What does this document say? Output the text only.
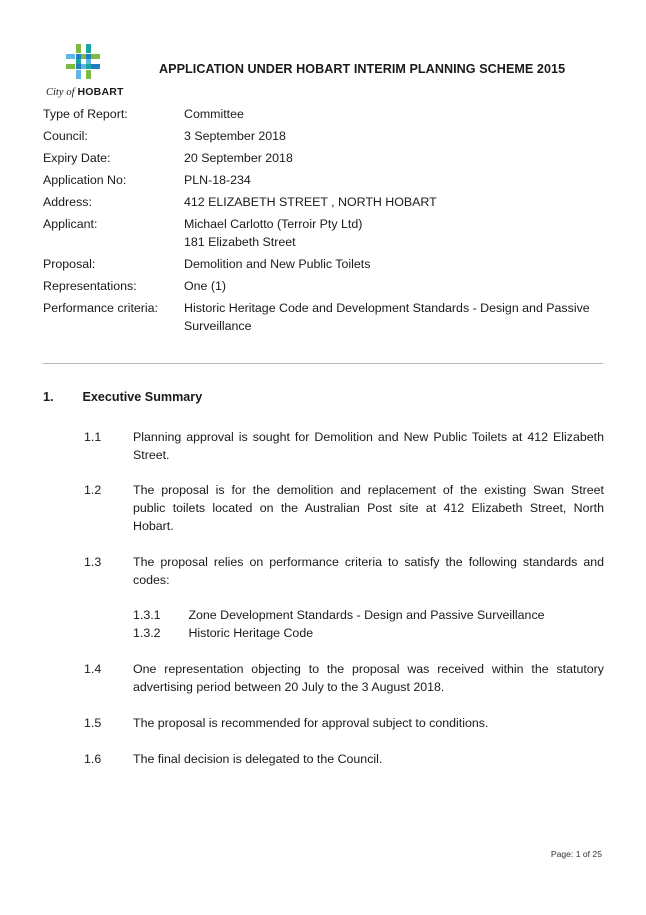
City of HOBART
APPLICATION UNDER HOBART INTERIM PLANNING SCHEME 2015
Type of Report:	Committee
Council:	3 September 2018
Expiry Date:	20 September 2018
Application No:	PLN-18-234
Address:	412 ELIZABETH STREET , NORTH HOBART
Applicant:	Michael Carlotto (Terroir Pty Ltd)
181 Elizabeth Street
Proposal:	Demolition and New Public Toilets
Representations:	One (1)
Performance criteria:	Historic Heritage Code and Development Standards - Design and Passive
Surveillance
1. Executive Summary
1.1	Planning approval is sought for Demolition and New Public Toilets at 412 Elizabeth
Street.
1.2	The proposal is for the demolition and replacement of the existing Swan Street
public toilets located on the Australian Post site at 412 Elizabeth Street, North
Hobart.
1.3	The proposal relies on performance criteria to satisfy the following standards and
codes:
1.3.1 Zone Development Standards - Design and Passive Surveillance
1.3.2 Historic Heritage Code
1.4	One representation objecting to the proposal was received within the statutory
advertising period between 20 July to the 3 August 2018.
1.5	The proposal is recommended for approval subject to conditions.
1.6	The final decision is delegated to the Council.
Page: 1 of 25
